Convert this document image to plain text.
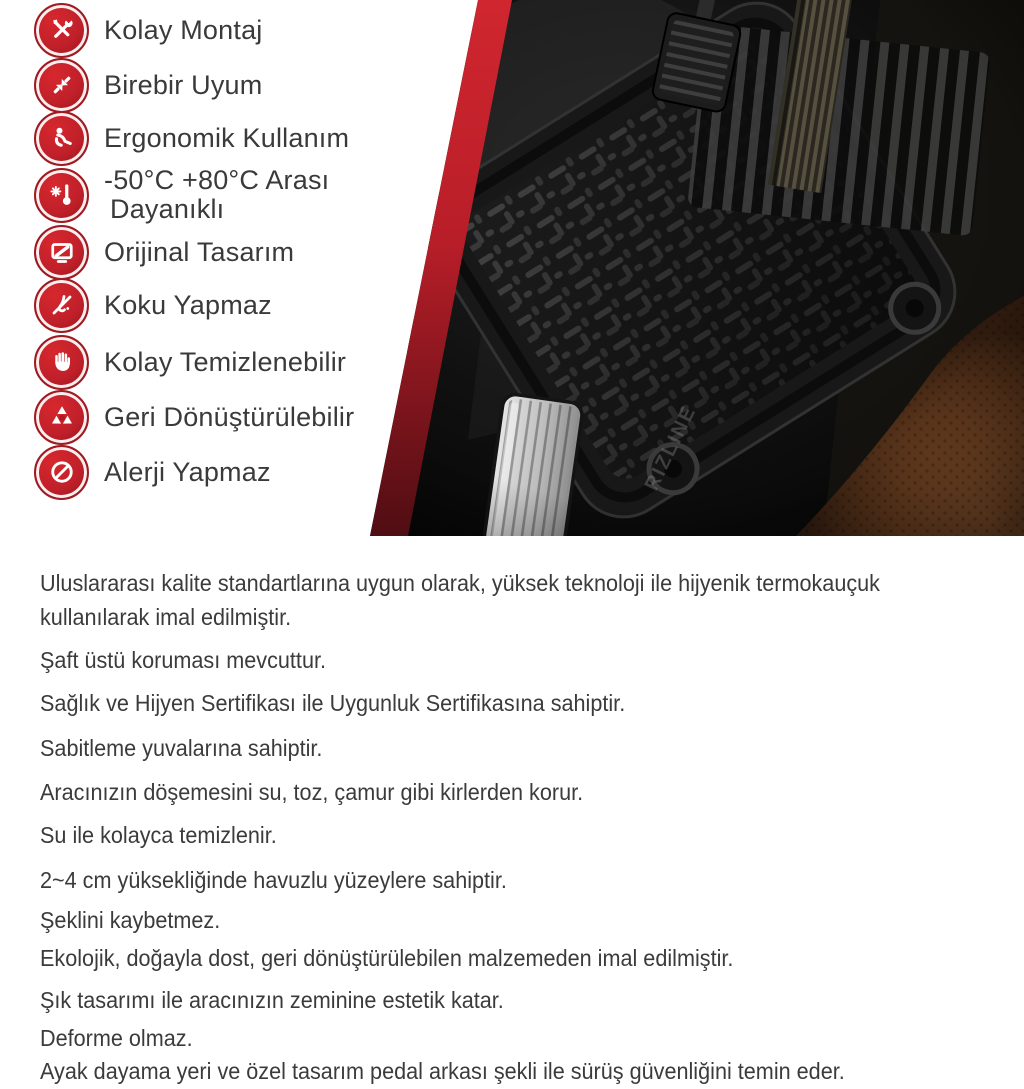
Kolay Montaj
Birebir Uyum
Ergonomik Kullanım
-50°C +80°C Arası
Dayanıklı
Orijinal Tasarım
Koku Yapmaz
Kolay Temizlenebilir
Geri Dönüştürülebilir
Alerji Yapmaz
Uluslararası kalite standartlarına uygun olarak, yüksek teknoloji ile hijyenik termokauçuk
kullanılarak imal edilmiştir.
Şaft üstü koruması mevcuttur.
Sağlık ve Hijyen Sertifikası ile Uygunluk Sertifikasına sahiptir.
Sabitleme yuvalarına sahiptir.
Aracınızın döşemesini su, toz, çamur gibi kirlerden korur.
Su ile kolayca temizlenir.
2~4 cm yüksekliğinde havuzlu yüzeylere sahiptir.
Şeklini kaybetmez.
Ekolojik, doğayla dost, geri dönüştürülebilen malzemeden imal edilmiştir.
Şık tasarımı ile aracınızın zeminine estetik katar.
Deforme olmaz.
Ayak dayama yeri ve özel tasarım pedal arkası şekli ile sürüş güvenliğini temin eder.
